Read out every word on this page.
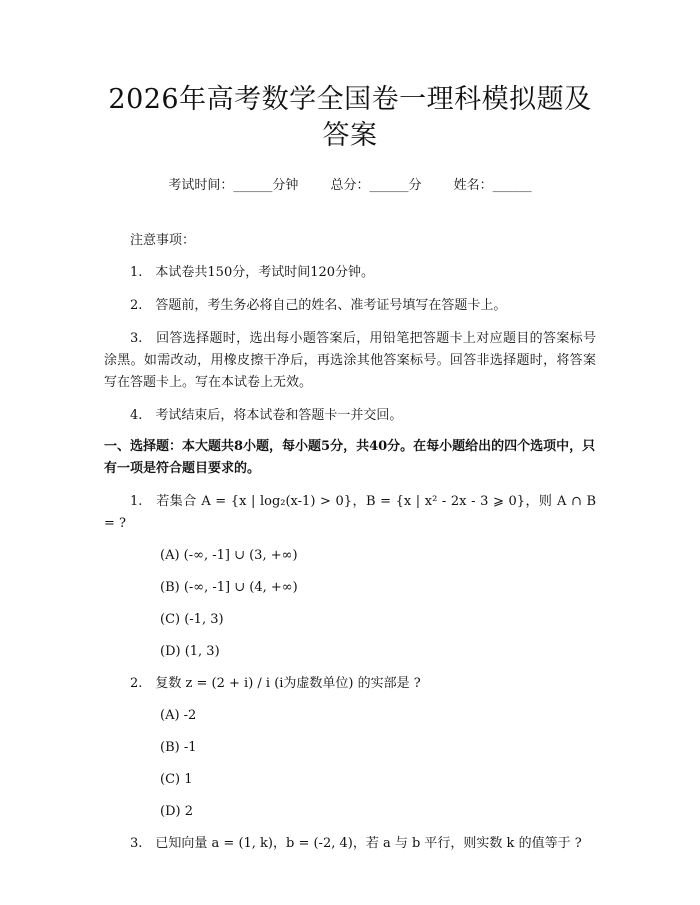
2026年高考数学全国卷一理科模拟题及答案
考试时间：______分钟 总分：______分 姓名：______
注意事项：

1.　本试卷共150分，考试时间120分钟。

2.　答题前，考生务必将自己的姓名、准考证号填写在答题卡上。

3.　回答选择题时，选出每小题答案后，用铅笔把答题卡上对应题目的答案标号涂黑。如需改动，用橡皮擦干净后，再选涂其他答案标号。回答非选择题时，将答案写在答题卡上。写在本试卷上无效。

4.　考试结束后，将本试卷和答题卡一并交回。

一、选择题：本大题共8小题，每小题5分，共40分。在每小题给出的四个选项中，只有一项是符合题目要求的。

1.　若集合 A = {x | log₂(x-1) > 0}，B = {x | x² - 2x - 3 ⩾ 0}，则 A ∩ B = ?

(A) (-∞, -1] ∪ (3, +∞)
(B) (-∞, -1] ∪ (4, +∞)
(C) (-1, 3)
(D) (1, 3)

2.　复数 z = (2 + i) / i (i为虚数单位) 的实部是 ?

(A) -2
(B) -1
(C) 1
(D) 2

3.　已知向量 a = (1, k)，b = (-2, 4)，若 a 与 b 平行，则实数 k 的值等于 ?
